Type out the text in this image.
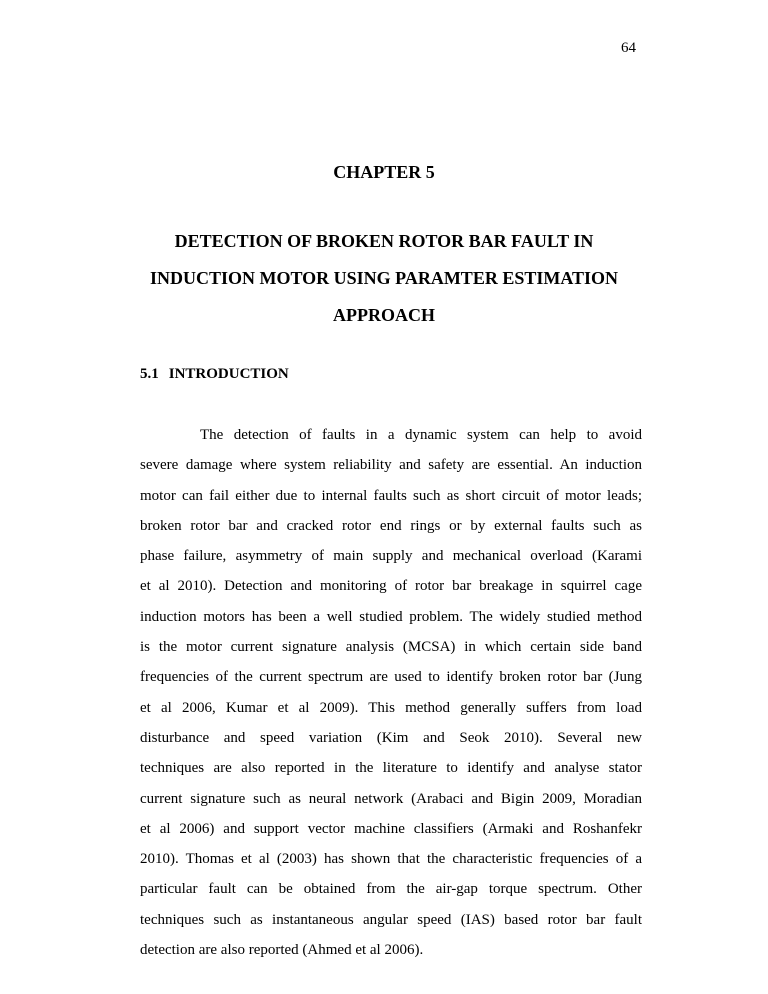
64

CHAPTER 5
DETECTION OF BROKEN ROTOR BAR FAULT IN
INDUCTION MOTOR USING PARAMTER ESTIMATION
APPROACH
5.1 INTRODUCTION

The detection of faults in a dynamic system can help to avoid
severe damage where system reliability and safety are essential. An induction
motor can fail either due to internal faults such as short circuit of motor leads;
broken rotor bar and cracked rotor end rings or by external faults such as
phase failure, asymmetry of main supply and mechanical overload (Karami
et al 2010). Detection and monitoring of rotor bar breakage in squirrel cage
induction motors has been a well studied problem. The widely studied method
is the motor current signature analysis (MCSA) in which certain side band
frequencies of the current spectrum are used to identify broken rotor bar (Jung
et al 2006, Kumar et al 2009). This method generally suffers from load
disturbance and speed variation (Kim and Seok 2010). Several new
techniques are also reported in the literature to identify and analyse stator
current signature such as neural network (Arabaci and Bigin 2009, Moradian
et al 2006) and support vector machine classifiers (Armaki and Roshanfekr
2010). Thomas et al (2003) has shown that the characteristic frequencies of a
particular fault can be obtained from the air-gap torque spectrum. Other
techniques such as instantaneous angular speed (IAS) based rotor bar fault
detection are also reported (Ahmed et al 2006).
